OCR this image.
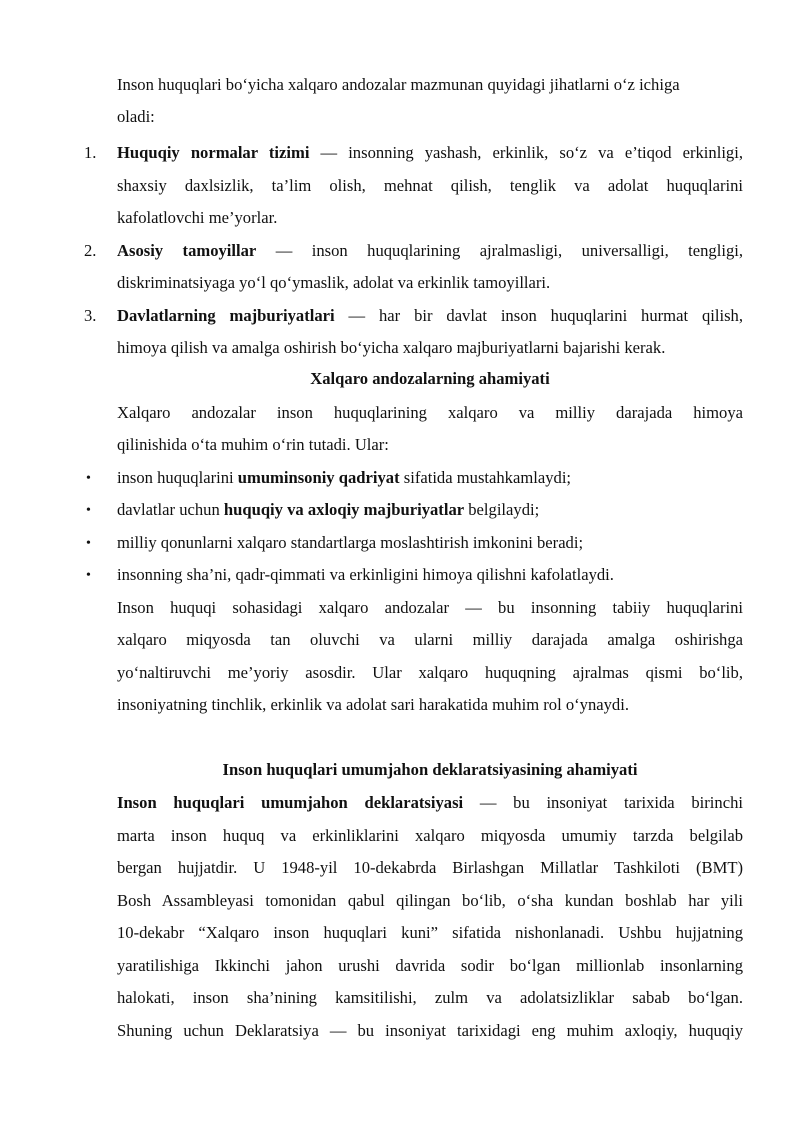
Inson huquqlari bo‘yicha xalqaro andozalar mazmunan quyidagi jihatlarni o‘z ichiga
oladi:
1.	Huquqiy normalar tizimi — insonning yashash, erkinlik, so‘z va e’tiqod erkinligi,
shaxsiy daxlsizlik, ta’lim olish, mehnat qilish, tenglik va adolat huquqlarini
kafolatlovchi me’yorlar.
2.	Asosiy tamoyillar — inson huquqlarining ajralmasligi, universalligi, tengligi,
diskriminatsiyaga yo‘l qo‘ymaslik, adolat va erkinlik tamoyillari.
3.	Davlatlarning majburiyatlari — har bir davlat inson huquqlarini hurmat qilish,
himoya qilish va amalga oshirish bo‘yicha xalqaro majburiyatlarni bajarishi kerak.
Xalqaro andozalarning ahamiyati
Xalqaro andozalar inson huquqlarining xalqaro va milliy darajada himoya
qilinishida o‘ta muhim o‘rin tutadi. Ular:
•	inson huquqlarini umuminsoniy qadriyat sifatida mustahkamlaydi;
•	davlatlar uchun huquqiy va axloqiy majburiyatlar belgilaydi;
•	milliy qonunlarni xalqaro standartlarga moslashtirish imkonini beradi;
•	insonning sha’ni, qadr-qimmati va erkinligini himoya qilishni kafolatlaydi.
Inson huquqi sohasidagi xalqaro andozalar — bu insonning tabiiy huquqlarini
xalqaro miqyosda tan oluvchi va ularni milliy darajada amalga oshirishga
yo‘naltiruvchi me’yoriy asosdir. Ular xalqaro huquqning ajralmas qismi bo‘lib,
insoniyatning tinchlik, erkinlik va adolat sari harakatida muhim rol o‘ynaydi.
Inson huquqlari umumjahon deklaratsiyasining ahamiyati
Inson huquqlari umumjahon deklaratsiyasi — bu insoniyat tarixida birinchi
marta inson huquq va erkinliklarini xalqaro miqyosda umumiy tarzda belgilab
bergan hujjatdir. U 1948-yil 10-dekabrda Birlashgan Millatlar Tashkiloti (BMT)
Bosh Assambleyasi tomonidan qabul qilingan bo‘lib, o‘sha kundan boshlab har yili
10-dekabr “Xalqaro inson huquqlari kuni” sifatida nishonlanadi. Ushbu hujjatning
yaratilishiga Ikkinchi jahon urushi davrida sodir bo‘lgan millionlab insonlarning
halokati, inson sha’nining kamsitilishi, zulm va adolatsizliklar sabab bo‘lgan.
Shuning uchun Deklaratsiya — bu insoniyat tarixidagi eng muhim axloqiy, huquqiy
